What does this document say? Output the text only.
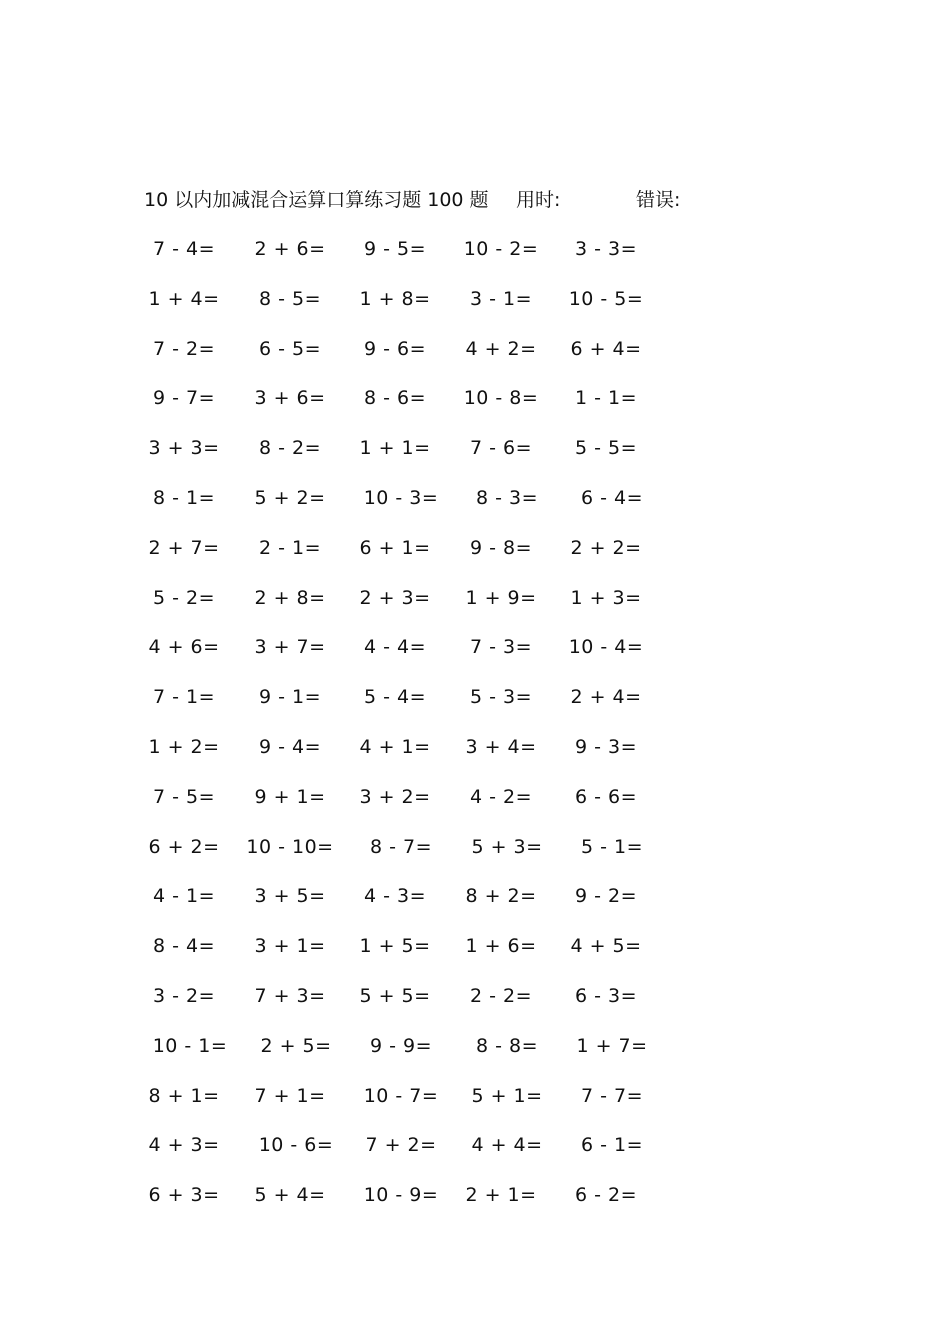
10 以内加减混合运算口算练习题 100 题 用时:	错误:
7 - 4=	2 + 6=	9 - 5=	10 - 2=	3 - 3=
1 + 4=	8 - 5=	1 + 8=	3 - 1=	10 - 5=
7 - 2=	6 - 5=	9 - 6=	4 + 2=	6 + 4=
9 - 7=	3 + 6=	8 - 6=	10 - 8=	1 - 1=
3 + 3=	8 - 2=	1 + 1=	7 - 6=	5 - 5=
8 - 1=	5 + 2=	10 - 3=	8 - 3=	6 - 4=
2 + 7=	2 - 1=	6 + 1=	9 - 8=	2 + 2=
5 - 2=	2 + 8=	2 + 3=	1 + 9=	1 + 3=
4 + 6=	3 + 7=	4 - 4=	7 - 3=	10 - 4=
7 - 1=	9 - 1=	5 - 4=	5 - 3=	2 + 4=
1 + 2=	9 - 4=	4 + 1=	3 + 4=	9 - 3=
7 - 5=	9 + 1=	3 + 2=	4 - 2=	6 - 6=
6 + 2=	10 - 10=	8 - 7=	5 + 3=	5 - 1=
4 - 1=	3 + 5=	4 - 3=	8 + 2=	9 - 2=
8 - 4=	3 + 1=	1 + 5=	1 + 6=	4 + 5=
3 - 2=	7 + 3=	5 + 5=	2 - 2=	6 - 3=
10 - 1=	2 + 5=	9 - 9=	8 - 8=	1 + 7=
8 + 1=	7 + 1=	10 - 7=	5 + 1=	7 - 7=
4 + 3=	10 - 6=	7 + 2=	4 + 4=	6 - 1=
6 + 3=	5 + 4=	10 - 9=	2 + 1=	6 - 2=
